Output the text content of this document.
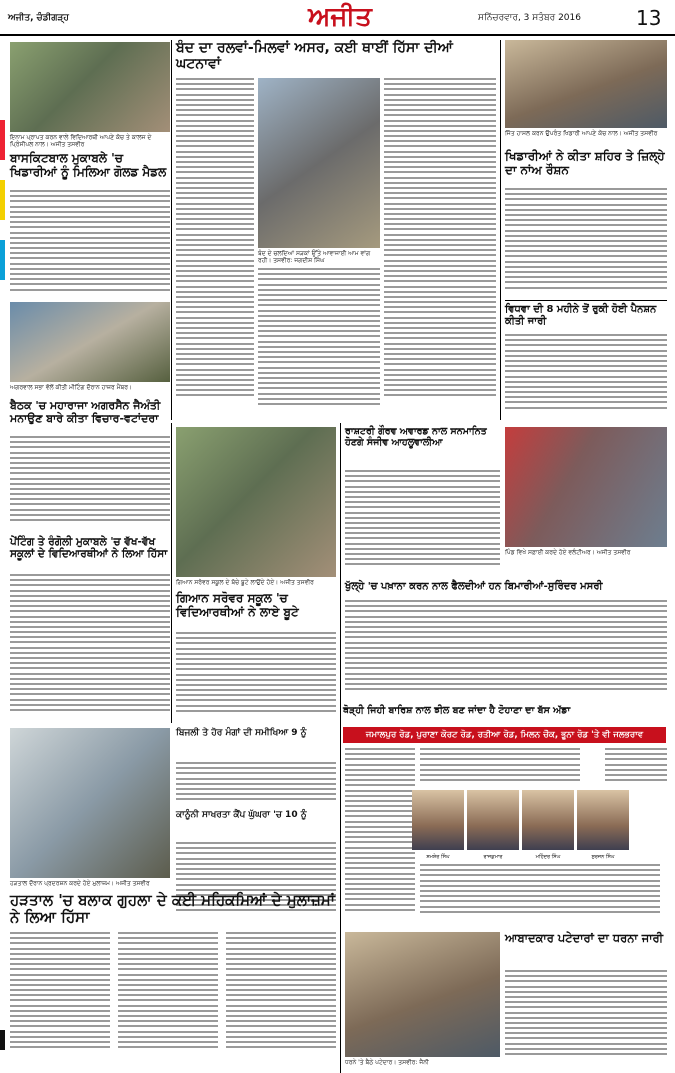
ਅਜੀਤ, ਚੰਡੀਗੜ੍ਹ	ਅਜੀਤ	ਸਨਿੱਚਰਵਾਰ, 3 ਸਤੰਬਰ 2016	13
ਇਨਾਮ ਪ੍ਰਾਪਤ ਕਰਨ ਵਾਲੇ ਵਿਦਿਆਰਥੀ ਆਪਣੇ ਕੋਚ ਤੇ ਕਾਲਜ ਦੇ ਪ੍ਰਿੰਸੀਪਲ ਨਾਲ। ਅਜੀਤ ਤਸਵੀਰ
ਬਾਸਕਿਟਬਾਲ ਮੁਕਾਬਲੇ 'ਚ ਖਿਡਾਰੀਆਂ ਨੂੰ ਮਿਲਿਆ ਗੋਲਡ ਮੈਡਲ
ਬੰਦ ਦਾ ਰਲਵਾਂ-ਮਿਲਵਾਂ ਅਸਰ, ਕਈ ਥਾਈਂ ਹਿੱਸਾ ਦੀਆਂ ਘਟਨਾਵਾਂ
ਬੰਦ ਦੇ ਚਲਦਿਆਂ ਸੜਕਾਂ ਉੱਤੇ ਆਵਾਜਾਈ ਆਮ ਵਾਂਗ ਰਹੀ। ਤਸਵੀਰ: ਜਗਦੀਸ਼ ਸਿੰਘ
ਜਿੱਤ ਹਾਸਲ ਕਰਨ ਉਪਰੰਤ ਖਿਡਾਰੀ ਆਪਣੇ ਕੋਚ ਨਾਲ। ਅਜੀਤ ਤਸਵੀਰ
ਖਿਡਾਰੀਆਂ ਨੇ ਕੀਤਾ ਸ਼ਹਿਰ ਤੇ ਜ਼ਿਲ੍ਹੇ ਦਾ ਨਾਂਅ ਰੌਸ਼ਨ
ਵਿਧਵਾ ਦੀ 8 ਮਹੀਨੇ ਤੋਂ ਰੁਕੀ ਹੋਈ ਪੈਨਸ਼ਨ ਕੀਤੀ ਜਾਰੀ
ਅਗਰਵਾਲ ਸਭਾ ਵੱਲੋਂ ਕੀਤੀ ਮੀਟਿੰਗ ਦੌਰਾਨ ਹਾਜ਼ਰ ਮੈਂਬਰ।
ਬੈਠਕ 'ਚ ਮਹਾਰਾਜਾ ਅਗਰਸੈਨ ਜੈਅੰਤੀ ਮਨਾਉਣ ਬਾਰੇ ਕੀਤਾ ਵਿਚਾਰ-ਵਟਾਂਦਰਾ
ਪੇਂਟਿੰਗ ਤੇ ਰੰਗੋਲੀ ਮੁਕਾਬਲੇ 'ਚ ਵੱਖ-ਵੱਖ ਸਕੂਲਾਂ ਦੇ ਵਿਦਿਆਰਥੀਆਂ ਨੇ ਲਿਆ ਹਿੱਸਾ
ਗਿਆਨ ਸਰੋਵਰ ਸਕੂਲ ਦੇ ਬੱਚੇ ਬੂਟੇ ਲਾਉਂਦੇ ਹੋਏ। ਅਜੀਤ ਤਸਵੀਰ
ਗਿਆਨ ਸਰੋਵਰ ਸਕੂਲ 'ਚ ਵਿਦਿਆਰਥੀਆਂ ਨੇ ਲਾਏ ਬੂਟੇ
ਰਾਸ਼ਟਰੀ ਗੌਰਵ ਅਵਾਰਡ ਨਾਲ ਸਨਮਾਨਿਤ ਹੋਣਗੇ ਸੰਜੀਵ ਆਹਲੂਵਾਲੀਆ
ਪਿੰਡ ਵਿਖੇ ਸਫ਼ਾਈ ਕਰਦੇ ਹੋਏ ਵਲੰਟੀਅਰ। ਅਜੀਤ ਤਸਵੀਰ
ਖੁੱਲ੍ਹੇ 'ਚ ਪਖ਼ਾਨਾ ਕਰਨ ਨਾਲ ਫੈਲਦੀਆਂ ਹਨ ਬਿਮਾਰੀਆਂ-ਸੁਰਿੰਦਰ ਮਸਰੀ
ਥੋੜ੍ਹੀ ਜਿਹੀ ਬਾਰਿਸ਼ ਨਾਲ ਝੀਲ ਬਣ ਜਾਂਦਾ ਹੈ ਟੋਹਾਣਾ ਦਾ ਬੱਸ ਅੱਡਾ
ਜਮਾਲਪੁਰ ਰੋਡ, ਪੁਰਾਣਾ ਕੋਰਟ ਰੋਡ, ਰਤੀਆ ਰੋਡ, ਮਿਲਨ ਚੌਕ, ਭੂਨਾ ਰੋਡ 'ਤੇ ਵੀ ਜਲਭਰਾਵ
ਸ਼ਮਸ਼ੇਰ ਸਿੰਘ	ਰਾਜਕੁਮਾਰ	ਮਹਿੰਦਰ ਸਿੰਘ	ਸੁਰਜਨ ਸਿੰਘ
ਬਿਜਲੀ ਤੇ ਹੋਰ ਮੰਗਾਂ ਦੀ ਸਮੀਖਿਆ 9 ਨੂੰ
ਕਾਨੂੰਨੀ ਸਾਖਰਤਾ ਕੈਂਪ ਘੁੱਘਰਾ 'ਚ 10 ਨੂੰ
ਹੜਤਾਲ ਦੌਰਾਨ ਪ੍ਰਦਰਸ਼ਨ ਕਰਦੇ ਹੋਏ ਮੁਲਾਜ਼ਮ। ਅਜੀਤ ਤਸਵੀਰ
ਹੜਤਾਲ 'ਚ ਬਲਾਕ ਗੁਹਲਾ ਦੇ ਕਈ ਮਹਿਕਮਿਆਂ ਦੇ ਮੁਲਾਜ਼ਮਾਂ ਨੇ ਲਿਆ ਹਿੱਸਾ
ਧਰਨੇ 'ਤੇ ਬੈਠੇ ਪਟੇਦਾਰ। ਤਸਵੀਰ: ਜੈਨੀ
ਆਬਾਦਕਾਰ ਪਟੇਦਾਰਾਂ ਦਾ ਧਰਨਾ ਜਾਰੀ
